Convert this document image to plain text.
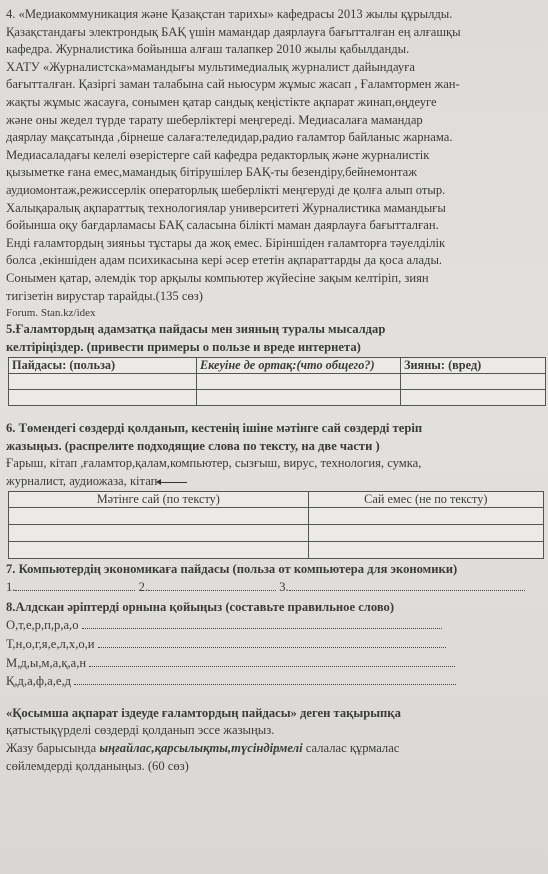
4. «Медиакоммуникация және Қазақстан тарихы» кафедрасы 2013 жылы құрылды.
Қазақстандағы электрондық БАҚ үшін мамандар даярлауға бағытталған ең алғашқы
кафедра. Журналистика бойынша алғаш талапкер 2010 жылы қабылданды.
ХАТУ «Журналистска»мамандығы мультимедиалық журналист дайындауға
бағытталған. Қазіргі заман талабына сай ньюсурм жұмыс жасап , Ғаламтормен жан-
жақты жұмыс жасауға, сонымен қатар сандық кеңістікте ақпарат жинап,өңдеуге
және оны жедел түрде тарату шеберліктері меңгереді. Медиасалаға мамандар
даярлау мақсатында ,бірнеше салаға:теледидар,радио ғаламтор байланыс жарнама.
Медиасаладағы келелі өзерістерге сай кафедра редакторлық және журналистік
қызыметке ғана емес,мамандық бітірушілер БАҚ-ты безендіру,бейнемонтаж
аудиомонтаж,режиссерлік операторлық шеберлікті меңгеруді де қолға алып отыр.
Халықаралық ақпараттық технологиялар университеті Журналистика мамандығы
бойынша оқу бағдарламасы БАҚ саласына білікті маман даярлауға бағытталған.
Енді ғаламтордың зияньы тұстары да жоқ емес. Біріншіден ғаламторға тәуелділік
болса ,екіншіден адам психикасына кері әсер ететін ақпараттарды да қоса алады.
Сонымен қатар, әлемдік тор арқылы компьютер жүйесіне зақым келтіріп, зиян
тигізетін вирустар тарайды.(135 сөз)
Forum. Stan.kz/idex
5.Ғаламтордың адамзатқа пайдасы мен зияның туралы мысалдар
келтіріңіздер. (привести примеры о пользе и вреде интернета)
Пайдасы: (польза)	Екеуіне де ортақ:(что общего?)	Зияны: (вред)

6. Төмендегі сөздерді қолданып, кестенің ішіне мәтінге сай сөздерді теріп
жазыңыз. (распрелите подходящие слова по тексту, на две части )
Ғарыш, кітап ,ғаламтор,қалам,компьютер, сызғыш, вирус, технология, сумка,
журналист, аудиожаза, кітап
Мәтінге сай (по тексту)	Сай емес (не по тексту)

7. Компьютердің экономикаға пайдасы (польза от компьютера для экономики)
1.	2.	3.
8.Алдскан әріптерді орнына қойыңыз (составьте правильное слово)
О,т,е,р,п,р,а,о
Т,н,о,г,я,е,л,х,о,и
М,д,ы,м,а,қ,а,н
Қ,д,а,ф,а,е,д
«Қосымша ақпарат іздеуде ғаламтордың пайдасы» деген тақырыпқа
қатыстықүрделі сөздерді қолданып эссе жазыңыз.
Жазу барысында ыңғайлас,қарсылықты,түсіндірмелі салалас құрмалас
сөйлемдерді қолданыңыз. (60 сөз)
